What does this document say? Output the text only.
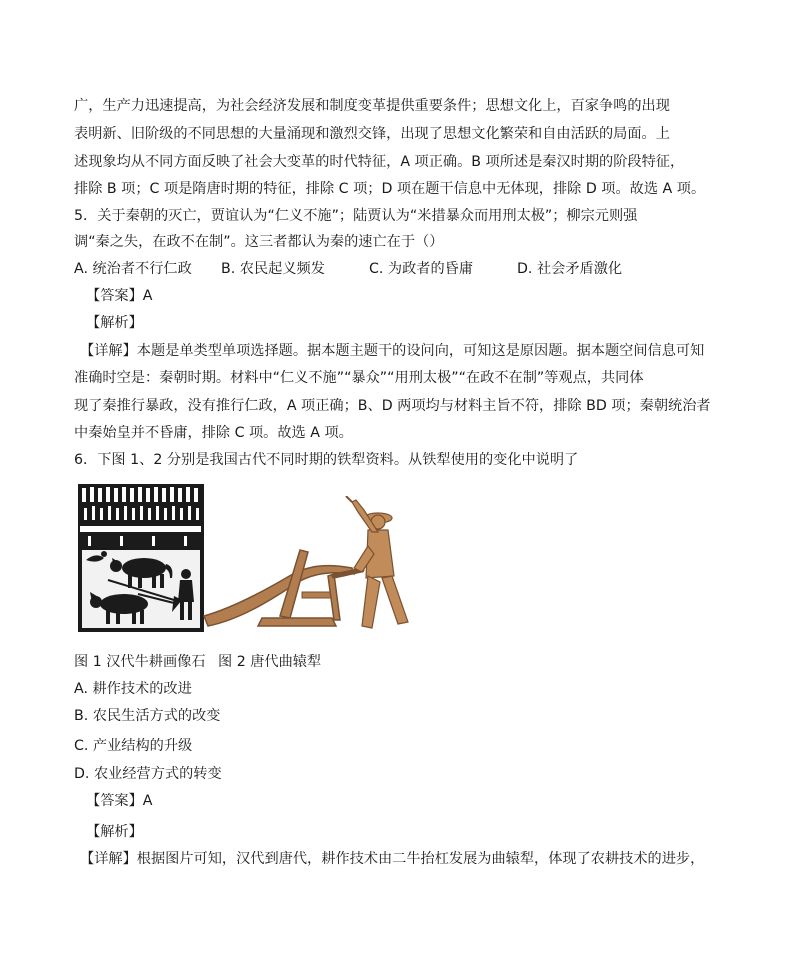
广，生产力迅速提高，为社会经济发展和制度变革提供重要条件；思想文化上，百家争鸣的出现
表明新、旧阶级的不同思想的大量涌现和激烈交锋，出现了思想文化繁荣和自由活跃的局面。上
述现象均从不同方面反映了社会大变革的时代特征，A 项正确。B 项所述是秦汉时期的阶段特征，
排除 B 项；C 项是隋唐时期的特征，排除 C 项；D 项在题干信息中无体现，排除 D 项。故选 A 项。
5．关于秦朝的灭亡，贾谊认为“仁义不施”；陆贾认为“米措暴众而用刑太极”；柳宗元则强
调“秦之失，在政不在制”。这三者都认为秦的速亡在于（）
A. 统治者不行仁政 B. 农民起义频发	C. 为政者的昏庸	D. 社会矛盾激化
【答案】A
【解析】
【详解】本题是单类型单项选择题。据本题主题干的设问向，可知这是原因题。据本题空间信息可知
准确时空是：秦朝时期。材料中“仁义不施”“暴众”“用刑太极”“在政不在制”等观点，共同体
现了秦推行暴政，没有推行仁政，A 项正确；B、D 两项均与材料主旨不符，排除 BD 项；秦朝统治者
中秦始皇并不昏庸，排除 C 项。故选 A 项。
6．下图 1、2 分别是我国古代不同时期的铁犁资料。从铁犁使用的变化中说明了
图 1 汉代牛耕画像石 图 2 唐代曲辕犁
A. 耕作技术的改进
B. 农民生活方式的改变
C. 产业结构的升级
D. 农业经营方式的转变
【答案】A
【解析】
【详解】根据图片可知，汉代到唐代，耕作技术由二牛抬杠发展为曲辕犁，体现了农耕技术的进步，
